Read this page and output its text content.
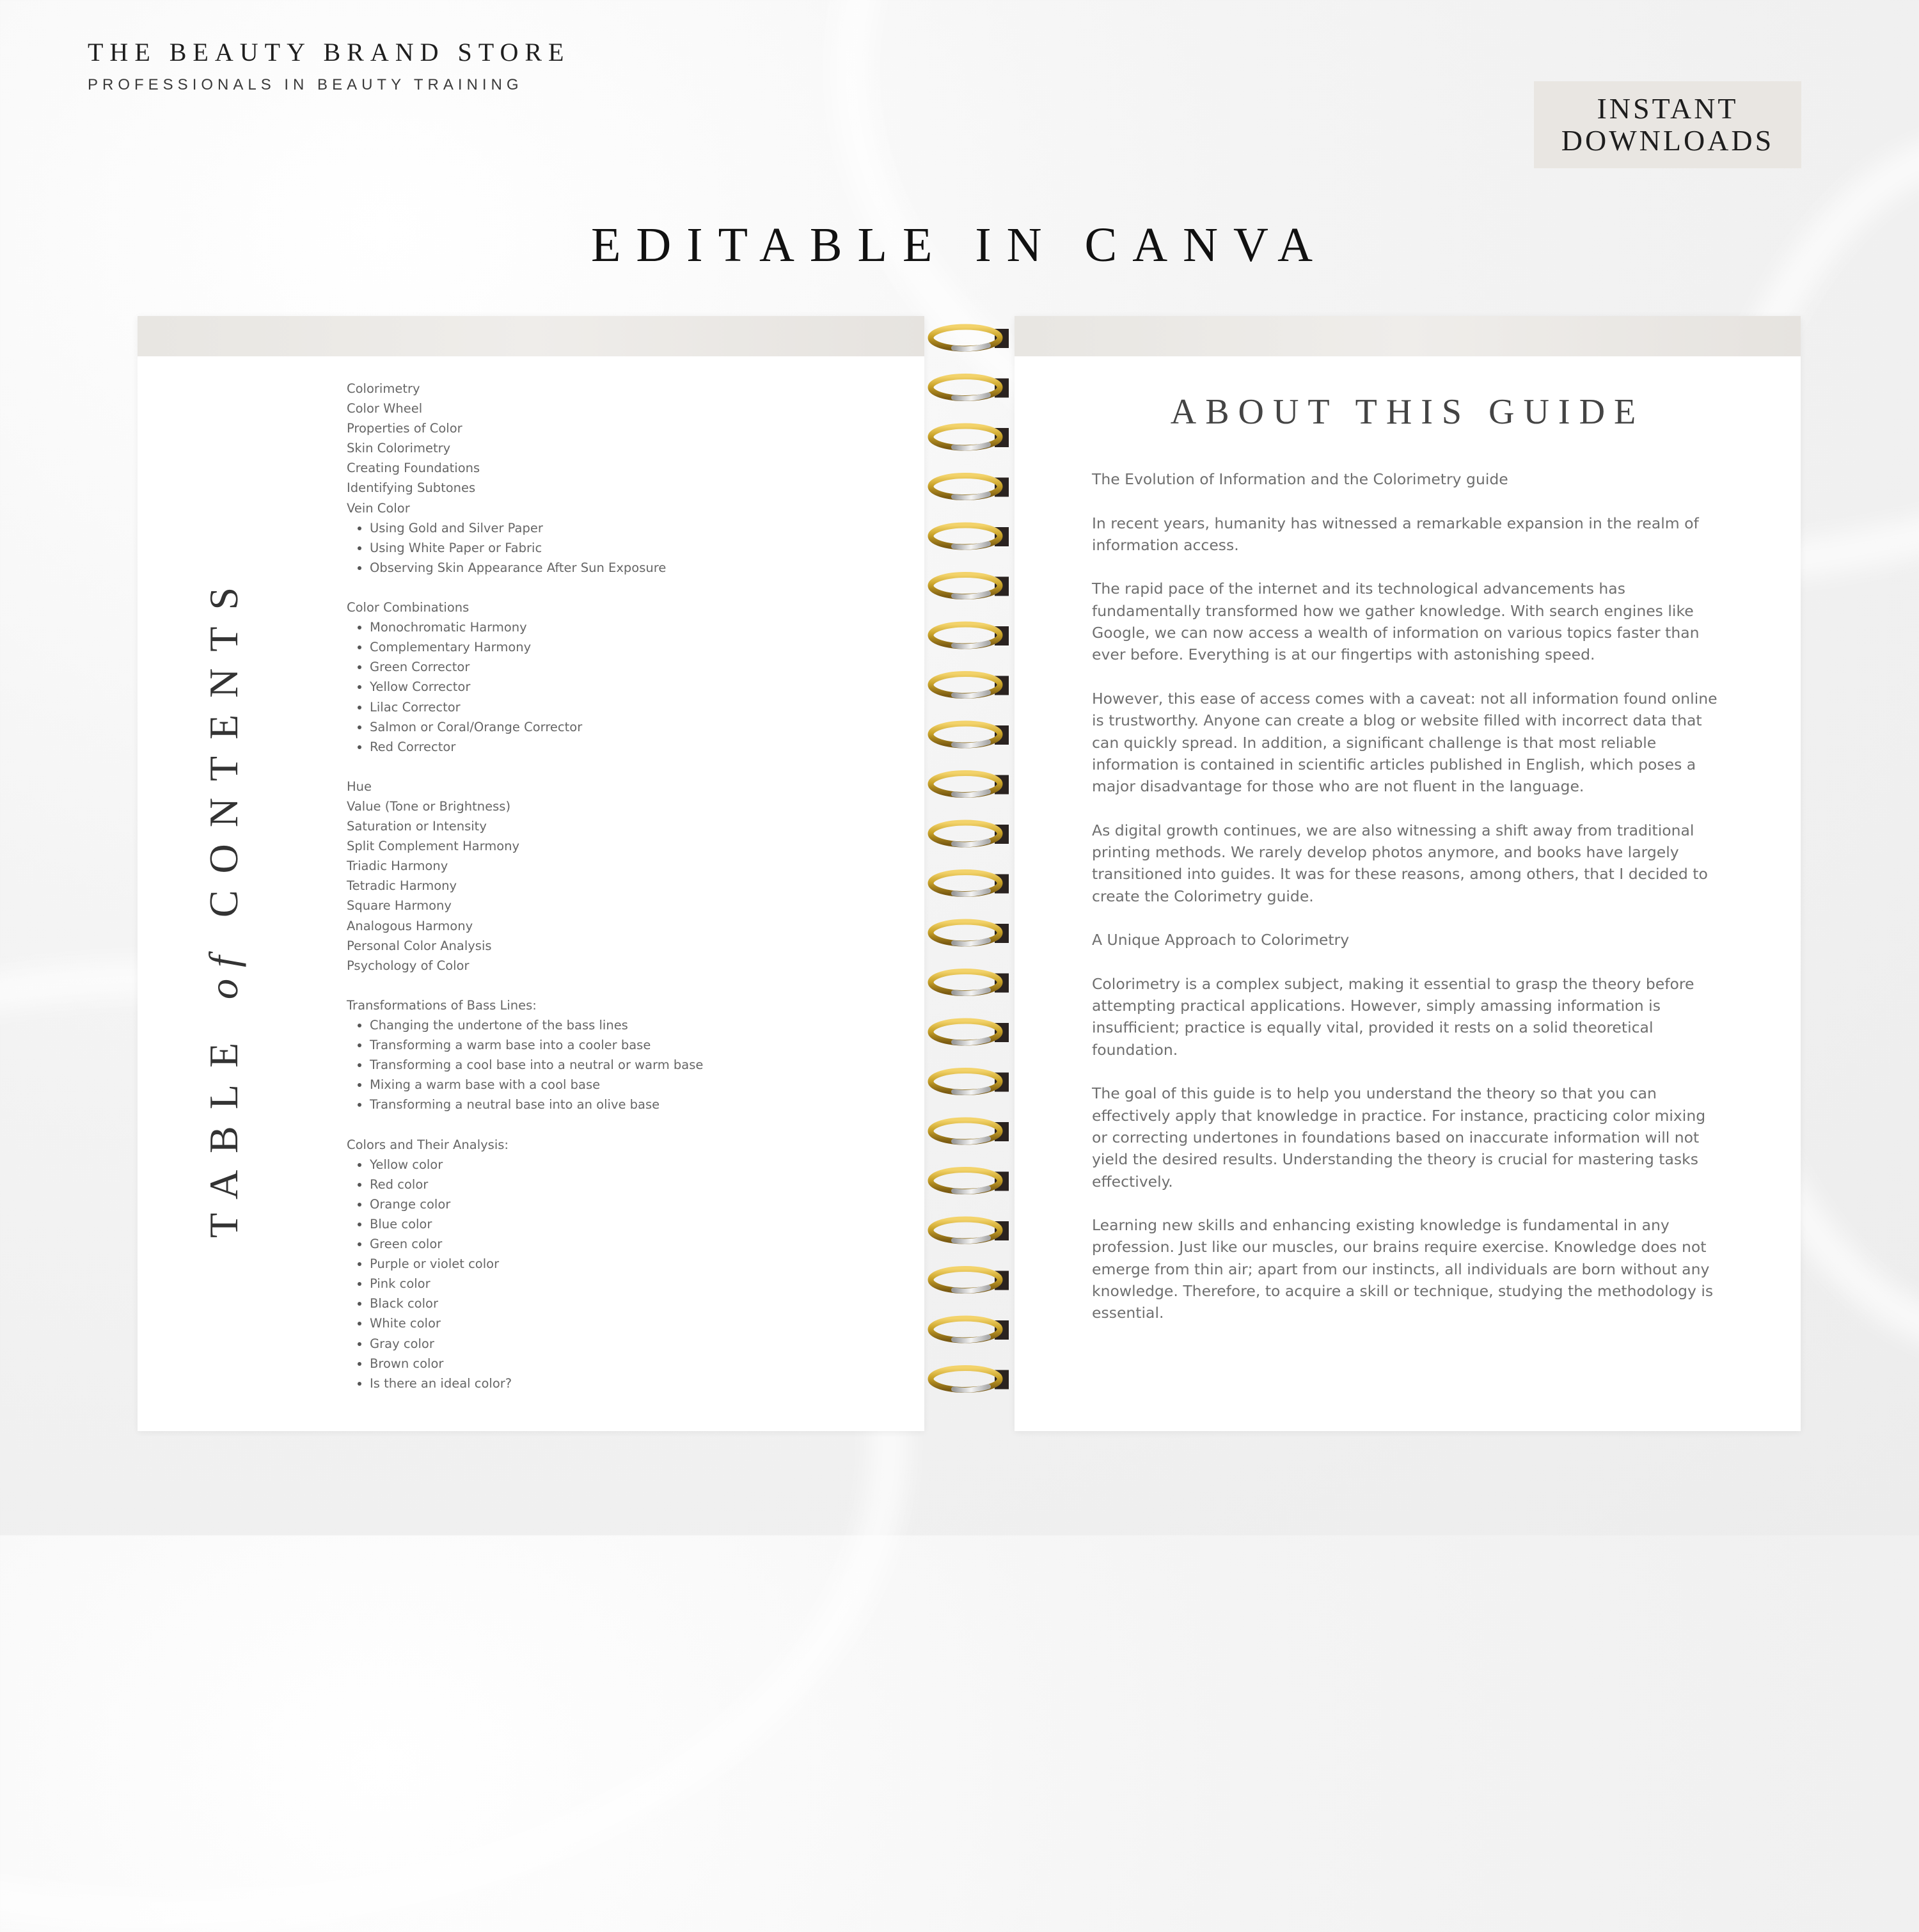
THE BEAUTY BRAND STORE
PROFESSIONALS IN BEAUTY TRAINING
INSTANT
DOWNLOADS
EDITABLE IN CANVA
TABLE of CONTENTS
Colorimetry
Color Wheel
Properties of Color
Skin Colorimetry
Creating Foundations
Identifying Subtones
Vein Color
Using Gold and Silver Paper
Using White Paper or Fabric
Observing Skin Appearance After Sun Exposure
Color Combinations
Monochromatic Harmony
Complementary Harmony
Green Corrector
Yellow Corrector
Lilac Corrector
Salmon or Coral/Orange Corrector
Red Corrector
Hue
Value (Tone or Brightness)
Saturation or Intensity
Split Complement Harmony
Triadic Harmony
Tetradic Harmony
Square Harmony
Analogous Harmony
Personal Color Analysis
Psychology of Color
Transformations of Bass Lines:
Changing the undertone of the bass lines
Transforming a warm base into a cooler base
Transforming a cool base into a neutral or warm base
Mixing a warm base with a cool base
Transforming a neutral base into an olive base
Colors and Their Analysis:
Yellow color
Red color
Orange color
Blue color
Green color
Purple or violet color
Pink color
Black color
White color
Gray color
Brown color
Is there an ideal color?
ABOUT THIS GUIDE

The Evolution of Information and the Colorimetry guide

In recent years, humanity has witnessed a remarkable expansion in the realm of information access.

The rapid pace of the internet and its technological advancements has fundamentally transformed how we gather knowledge. With search engines like Google, we can now access a wealth of information on various topics faster than ever before. Everything is at our fingertips with astonishing speed.

However, this ease of access comes with a caveat: not all information found online is trustworthy. Anyone can create a blog or website filled with incorrect data that can quickly spread. In addition, a significant challenge is that most reliable information is contained in scientific articles published in English, which poses a major disadvantage for those who are not fluent in the language.

As digital growth continues, we are also witnessing a shift away from traditional printing methods. We rarely develop photos anymore, and books have largely transitioned into guides. It was for these reasons, among others, that I decided to create the Colorimetry guide.

A Unique Approach to Colorimetry

Colorimetry is a complex subject, making it essential to grasp the theory before attempting practical applications. However, simply amassing information is insufficient; practice is equally vital, provided it rests on a solid theoretical foundation.

The goal of this guide is to help you understand the theory so that you can effectively apply that knowledge in practice. For instance, practicing color mixing or correcting undertones in foundations based on inaccurate information will not yield the desired results. Understanding the theory is crucial for mastering tasks effectively.

Learning new skills and enhancing existing knowledge is fundamental in any profession. Just like our muscles, our brains require exercise. Knowledge does not emerge from thin air; apart from our instincts, all individuals are born without any knowledge. Therefore, to acquire a skill or technique, studying the methodology is essential.
